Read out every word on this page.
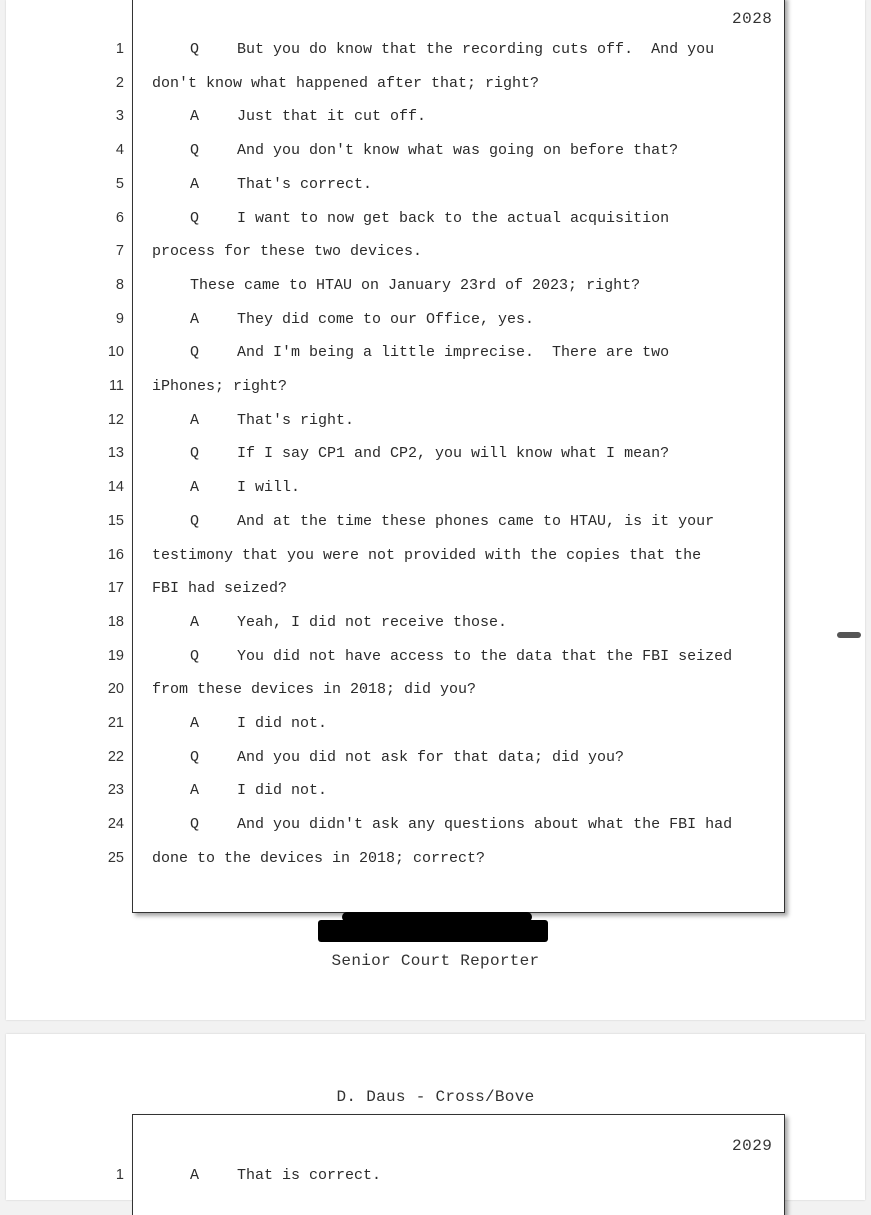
2028
1	Q	But you do know that the recording cuts off.  And you
2 don't know what happened after that; right?
3	A	Just that it cut off.
4	Q	And you don't know what was going on before that?
5	A	That's correct.
6	Q	I want to now get back to the actual acquisition
7 process for these two devices.
8	These came to HTAU on January 23rd of 2023; right?
9	A	They did come to our Office, yes.
10	Q	And I'm being a little imprecise.  There are two
11 iPhones; right?
12	A	That's right.
13	Q	If I say CP1 and CP2, you will know what I mean?
14	A	I will.
15	Q	And at the time these phones came to HTAU, is it your
16 testimony that you were not provided with the copies that the
17 FBI had seized?
18	A	Yeah, I did not receive those.
19	Q	You did not have access to the data that the FBI seized
20 from these devices in 2018; did you?
21	A	I did not.
22	Q	And you did not ask for that data; did you?
23	A	I did not.
24	Q	And you didn't ask any questions about what the FBI had
25 done to the devices in 2018; correct?
Senior Court Reporter
D. Daus - Cross/Bove
2029
1	A	That is correct.
